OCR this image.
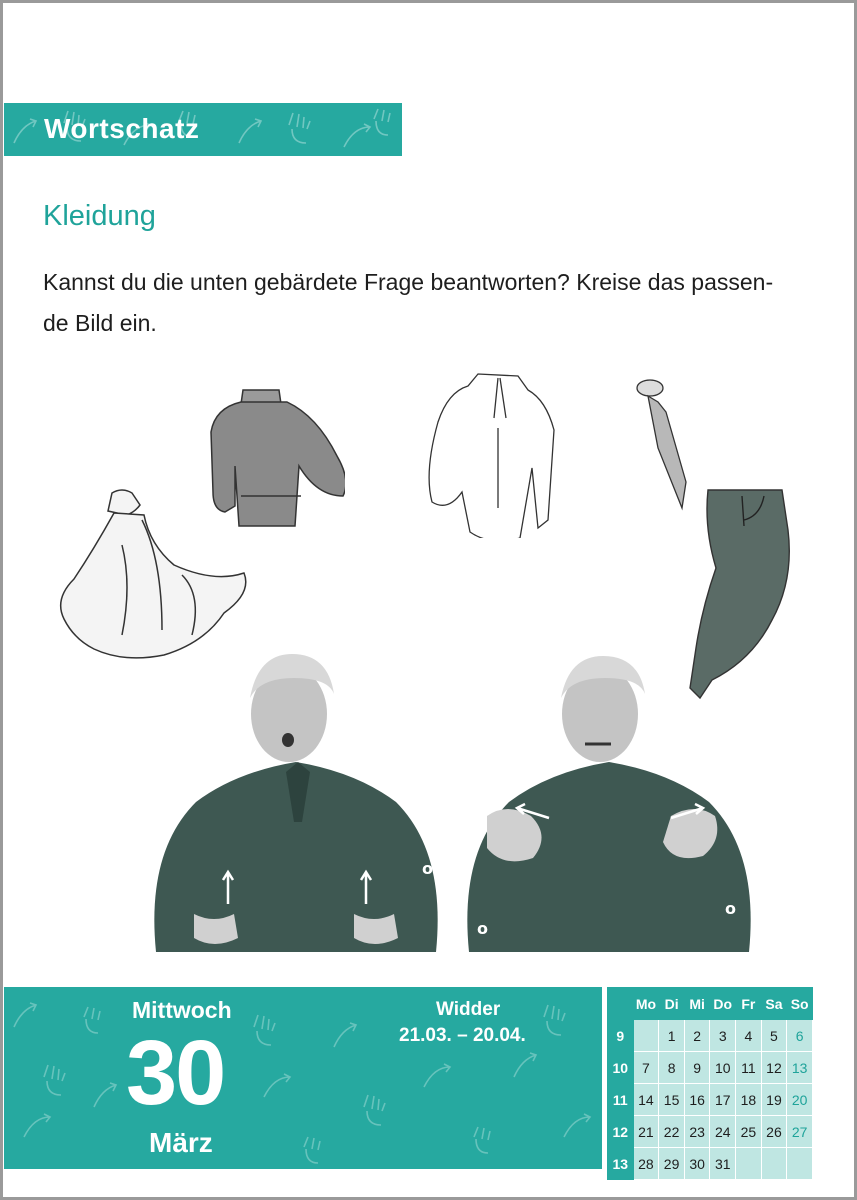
Wortschatz
Kleidung
Kannst du die unten gebärdete Frage beantworten? Kreise das passen-
de Bild ein.
o
o
o
o
Mittwoch
30
März
Widder
21.03. – 20.04.
	Mo	Di	Mi	Do	Fr	Sa	So
9		1	2	3	4	5	6
10	7	8	9	10	11	12	13
11	14	15	16	17	18	19	20
12	21	22	23	24	25	26	27
13	28	29	30	31			
